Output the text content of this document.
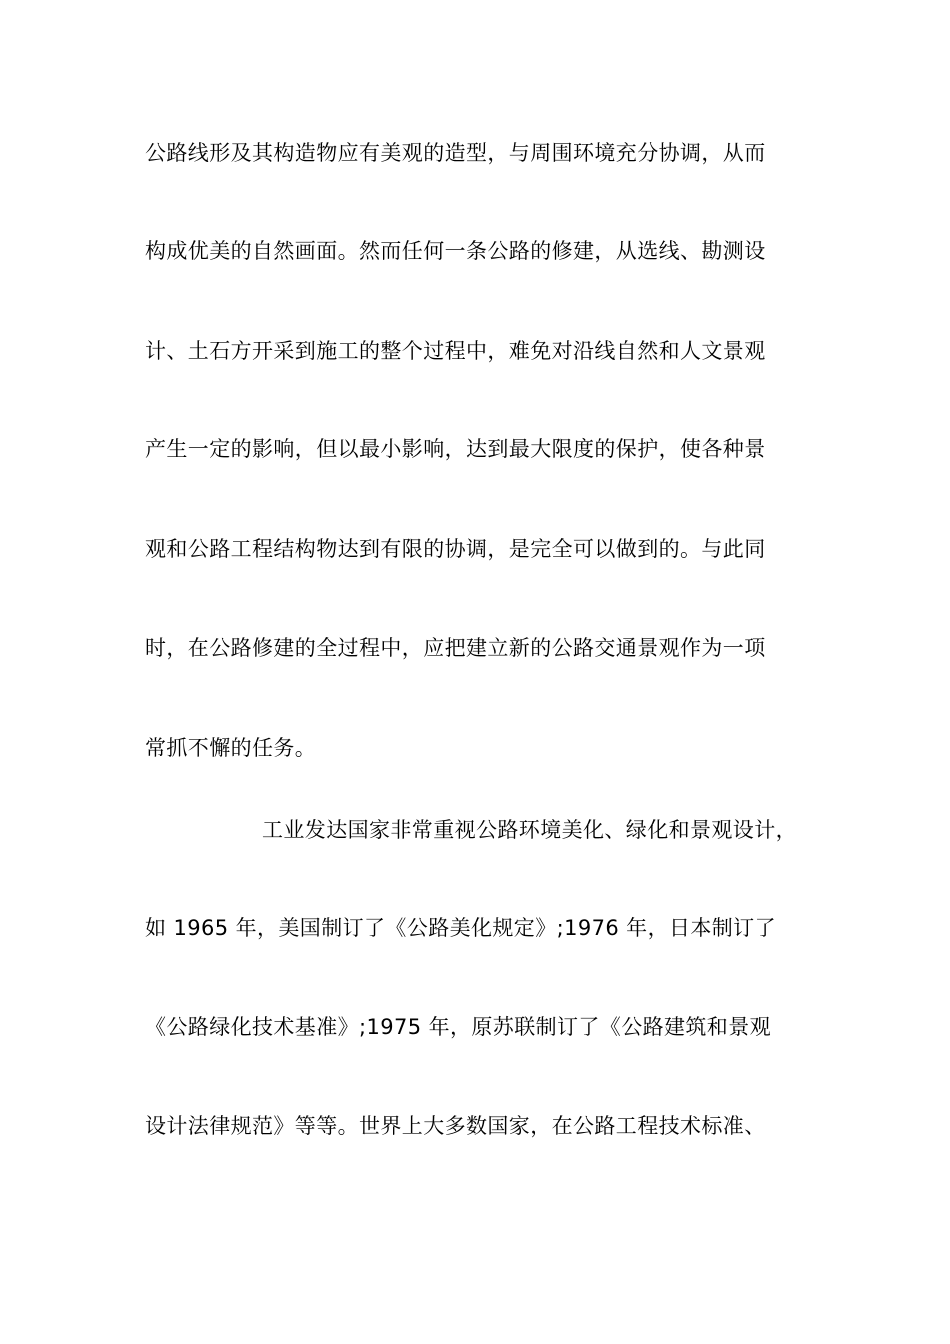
公路线形及其构造物应有美观的造型，与周围环境充分协调，从而
构成优美的自然画面。然而任何一条公路的修建，从选线、勘测设
计、土石方开采到施工的整个过程中，难免对沿线自然和人文景观
产生一定的影响，但以最小影响，达到最大限度的保护，使各种景
观和公路工程结构物达到有限的协调，是完全可以做到的。与此同
时，在公路修建的全过程中，应把建立新的公路交通景观作为一项
常抓不懈的任务。
工业发达国家非常重视公路环境美化、绿化和景观设计，
如 1965 年，美国制订了《公路美化规定》;1976 年，日本制订了
《公路绿化技术基准》;1975 年，原苏联制订了《公路建筑和景观
设计法律规范》等等。世界上大多数国家，在公路工程技术标准、
